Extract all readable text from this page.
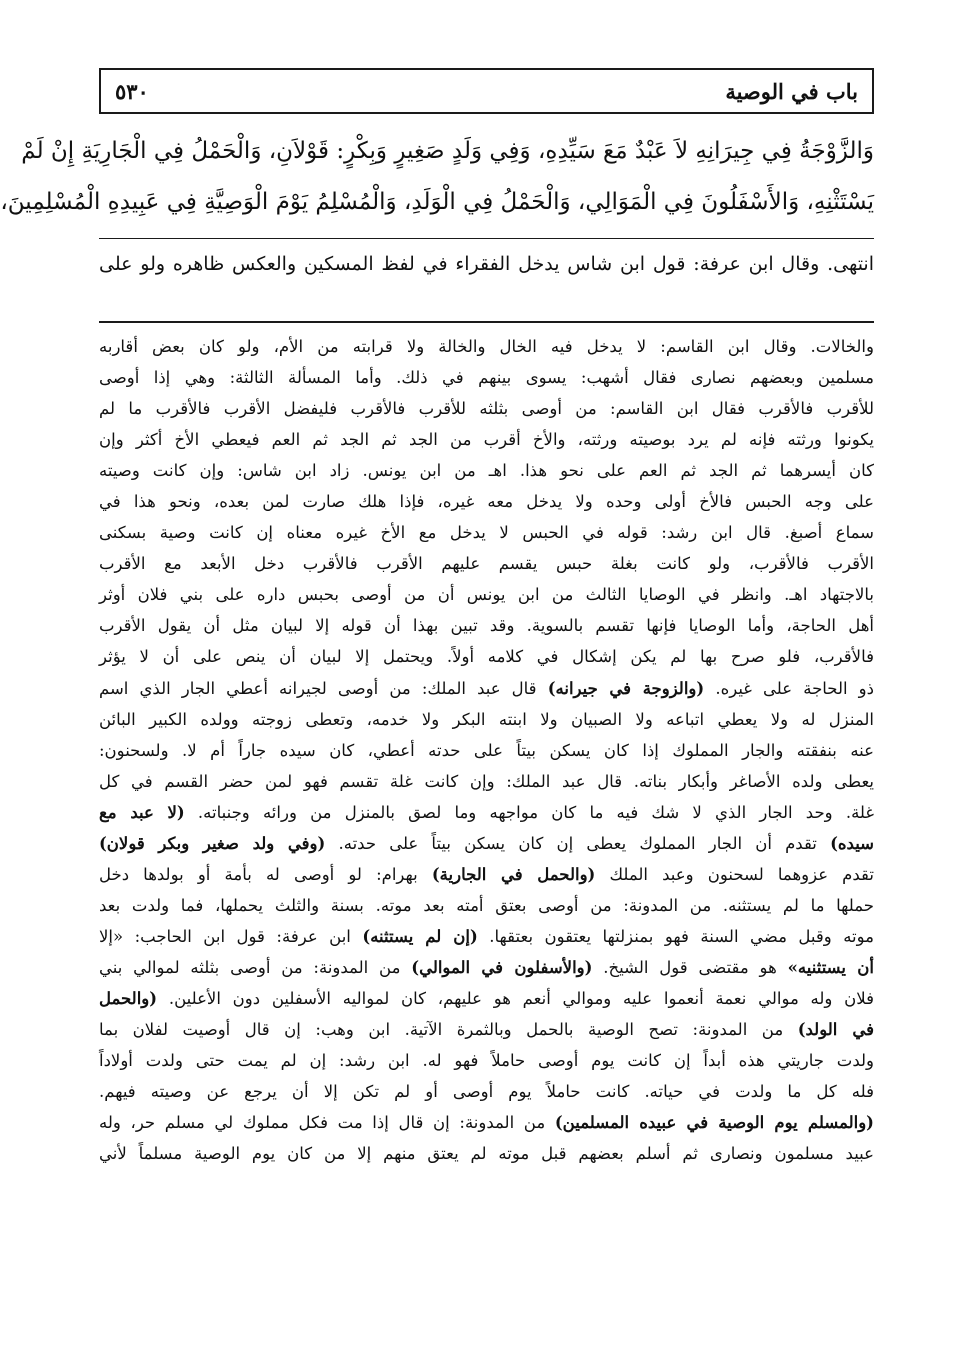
باب في الوصية
٥٣٠
وَالزَّوْجَةُ فِي جِيرَانِهِ لاَ عَبْدٌ مَعَ سَيِّدِهِ، وَفِي وَلَدٍ صَغِيرٍ وَبِكْرٍ: قَوْلاَنِ، وَالْحَمْلُ فِي الْجَارِيَةِ إِنْ لَمْ
يَسْتَثْنِهِ، وَالأَسْفَلُونَ فِي الْمَوَالِي، وَالْحَمْلُ فِي الْوَلَدِ، وَالْمُسْلِمُ يَوْمَ الْوَصِيَّةِ فِي عَبِيدِهِ الْمُسْلِمِينَ،
انتهى. وقال ابن عرفة: قول ابن شاس يدخل الفقراء في لفظ المسكين والعكس ظاهره ولو على
والخالات. وقال ابن القاسم: لا يدخل فيه الخال والخالة ولا قرابته من الأم، ولو كان بعض أقاربه
مسلمين وبعضهم نصارى فقال أشهب: يسوى بينهم في ذلك. وأما المسألة الثالثة: وهي إذا أوصى
للأقرب فالأقرب فقال ابن القاسم: من أوصى بثلثه للأقرب فالأقرب فليفضل الأقرب فالأقرب ما لم
يكونوا ورثته فإنه لم يرد بوصيته ورثته، والأخ أقرب من الجد ثم الجد ثم العم فيعطي الأخ أكثر وإن
كان أيسرهما ثم الجد ثم العم على نحو هذا. اهـ من ابن يونس. زاد ابن شاس: وإن كانت وصيته
على وجه الحبس فالأخ أولى وحده ولا يدخل معه غيره، فإذا هلك صارت لمن بعده، ونحو هذا في
سماع أصبغ. قال ابن رشد: قوله في الحبس لا يدخل مع الأخ غيره معناه إن كانت وصية بسكنى
الأقرب فالأقرب، ولو كانت بغلة حبس يقسم عليهم الأقرب فالأقرب دخل الأبعد مع الأقرب
بالاجتهاد اهـ. وانظر في الوصايا الثالث من ابن يونس أن من أوصى بحبس داره على بني فلان أوثر
أهل الحاجة، وأما الوصايا فإنها تقسم بالسوية. وقد تبين بهذا أن قوله إلا لبيان مثل أن يقول الأقرب
فالأقرب، فلو صرح بها لم يكن إشكال في كلامه أولاً. ويحتمل إلا لبيان أن ينص على أن لا يؤثر
ذو الحاجة على غيره. (والزوجة في جيرانه) قال عبد الملك: من أوصى لجيرانه أعطي الجار الذي اسم
المنزل له ولا يعطي اتباعه ولا الصبيان ولا ابنته البكر ولا خدمه، وتعطى زوجته وولده الكبير البائن
عنه بنفقته والجار المملوك إذا كان يسكن بيتاً على حدته أعطي، كان سيده جاراً أم لا. ولسحنون:
يعطى ولده الأصاغر وأبكار بناته. قال عبد الملك: وإن كانت غلة تقسم فهو لمن حضر القسم في كل
غلة. وحد الجار الذي لا شك فيه ما كان مواجهه وما لصق بالمنزل من ورائه وجنباته. (لا عبد مع
سيده) تقدم أن الجار المملوك يعطى إن كان يسكن بيتاً على حدته. (وفي ولد صغير وبكر قولان)
تقدم عزوهما لسحنون وعبد الملك (والحمل في الجارية) بهرام: لو أوصى له بأمة أو بولدها دخل
حملها ما لم يستثنه. من المدونة: من أوصى بعتق أمته بعد موته. بسنة والثلث يحملها، فما ولدت بعد
موته وقبل مضي السنة فهو بمنزلتها يعتقون بعتقها. (إن لم يستثنه) ابن عرفة: قول ابن الحاجب: «إلا
أن يستثنيه» هو مقتضى قول الشيخ. (والأسفلون في الموالي) من المدونة: من أوصى بثلثه لموالي بني
فلان وله موالي نعمة أنعموا عليه وموالي أنعم هو عليهم، كان لمواليه الأسفلين دون الأعلين. (والحمل
في الولد) من المدونة: تصح الوصية بالحمل وبالثمرة الآتية. ابن وهب: إن قال أوصيت لفلان بما
ولدت جاريتي هذه أبداً إن كانت يوم أوصى حاملاً فهو له. ابن رشد: إن لم يمت حتى ولدت أولاداً
فله كل ما ولدت في حياته. كانت حاملاً يوم أوصى أو لم تكن إلا أن يرجع عن وصيته فيهم.
(والمسلم يوم الوصية في عبيده المسلمين) من المدونة: إن قال إذا مت فكل مملوك لي مسلم حر، وله
عبيد مسلمون ونصارى ثم أسلم بعضهم قبل موته لم يعتق منهم إلا من كان يوم الوصية مسلماً لأني
